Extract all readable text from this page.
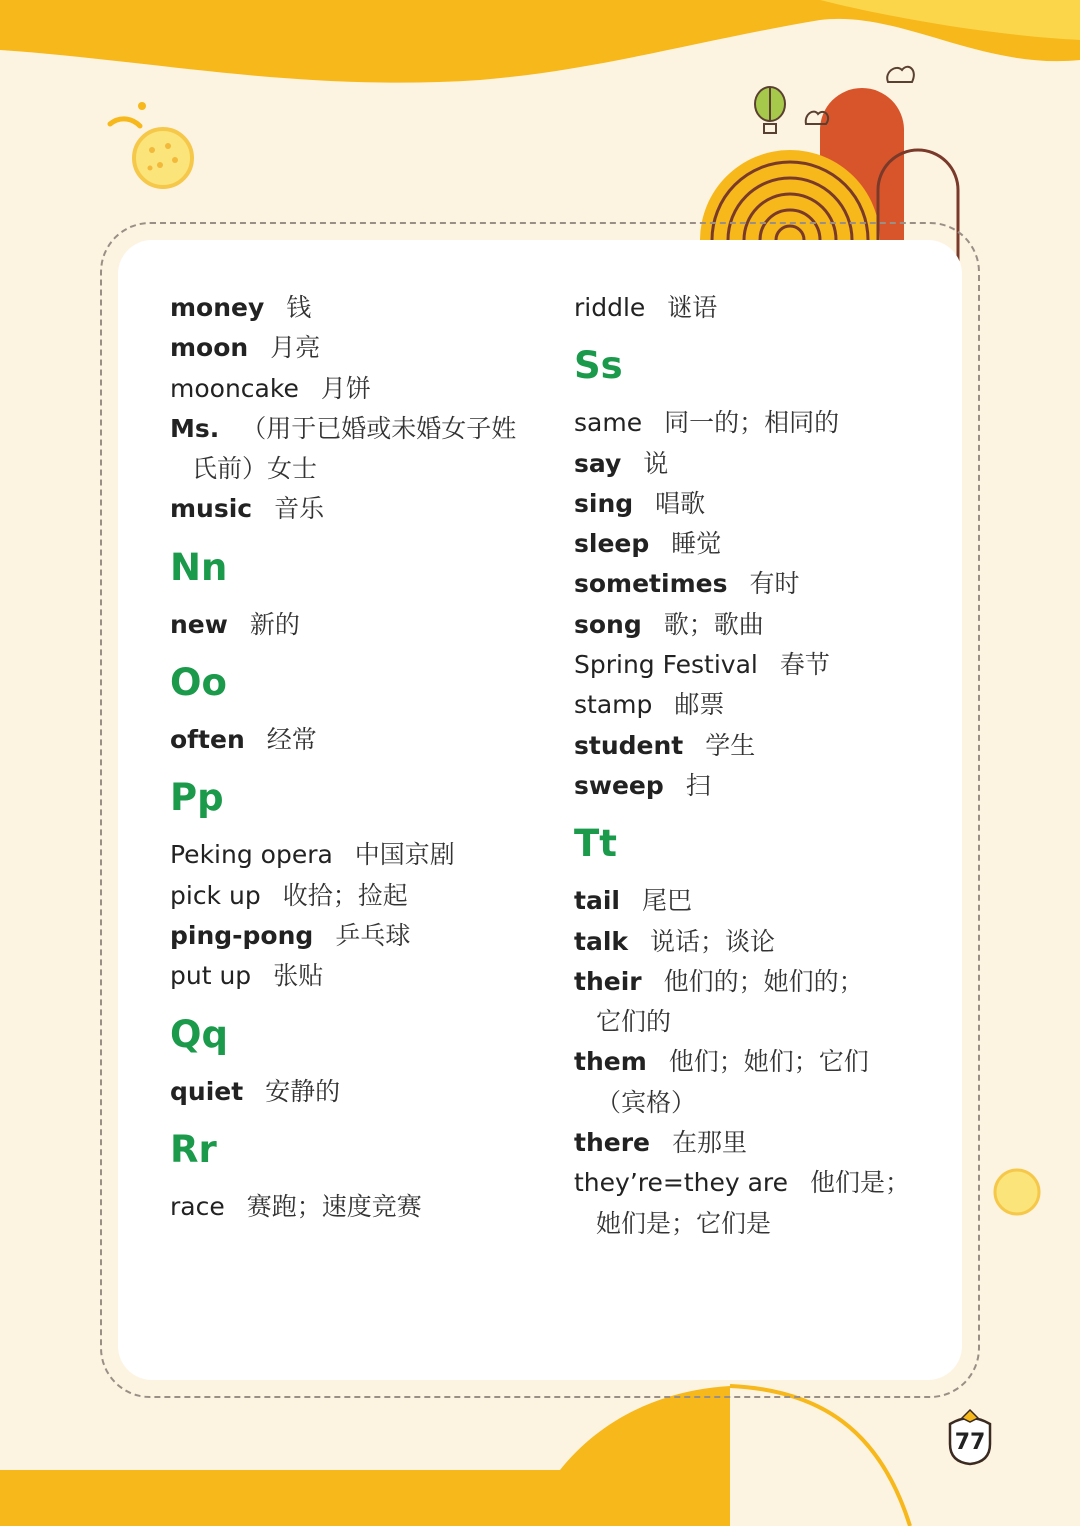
money 钱
moon 月亮
mooncake 月饼
Ms. （用于已婚或未婚女子姓
氏前）女士
music 音乐
Nn
new 新的
Oo
often 经常
Pp
Peking opera 中国京剧
pick up 收拾；捡起
ping-pong 乒乓球
put up 张贴
Qq
quiet 安静的
Rr
race 赛跑；速度竞赛
riddle 谜语
Ss
same 同一的；相同的
say 说
sing 唱歌
sleep 睡觉
sometimes 有时
song 歌；歌曲
Spring Festival 春节
stamp 邮票
student 学生
sweep 扫
Tt
tail 尾巴
talk 说话；谈论
their 他们的；她们的；
它们的
them 他们；她们；它们
（宾格）
there 在那里
they’re=they are 他们是；
她们是；它们是
77
